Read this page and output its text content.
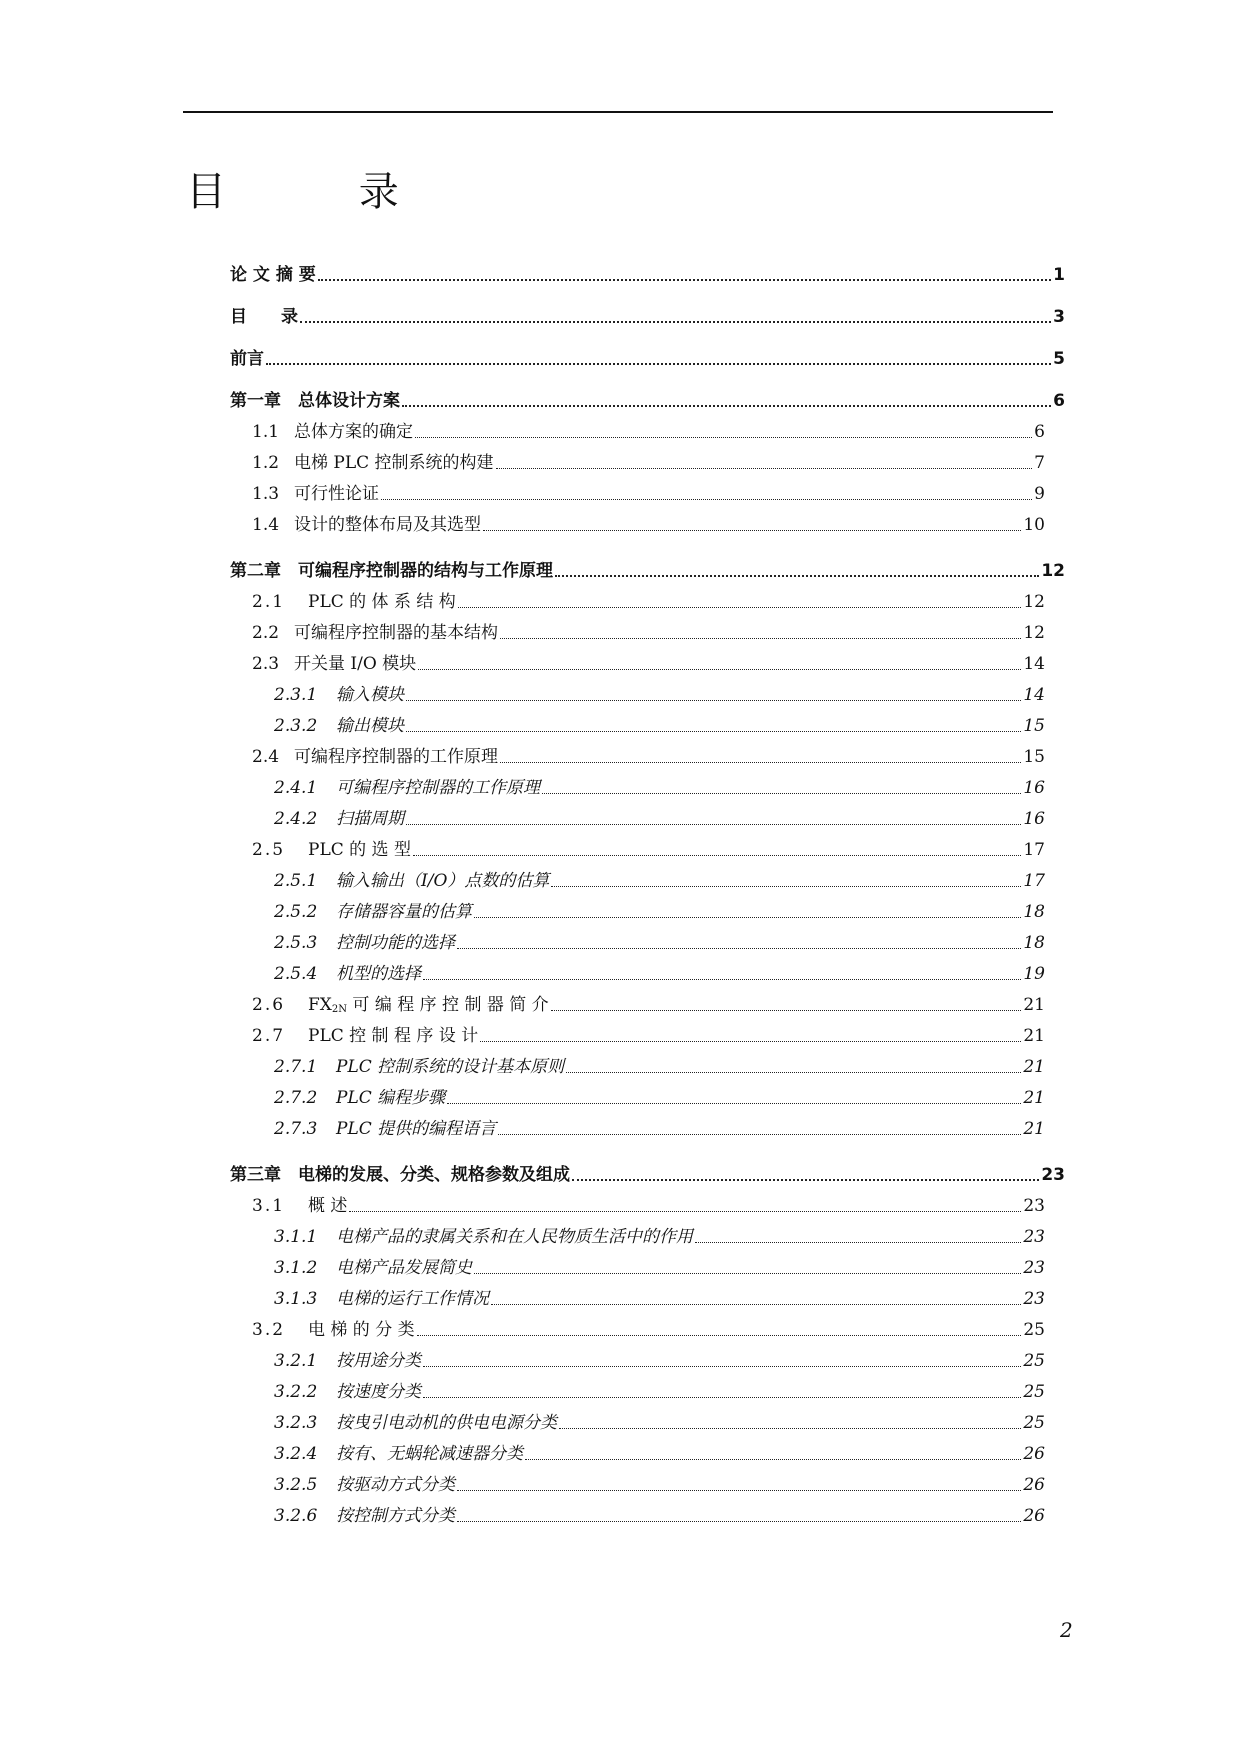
目 录
论 文 摘 要	1
目　　录	3
前言	5
第一章　总体设计方案	6
1.1 总体方案的确定	6
1.2 电梯 PLC 控制系统的构建	7
1.3 可行性论证	9
1.4 设计的整体布局及其选型	10
第二章　可编程序控制器的结构与工作原理	12
2.1	PLC 的 体 系 结 构	12
2.2 可编程序控制器的基本结构	12
2.3 开关量 I/O 模块	14
2.3.1	输入模块	14
2.3.2	输出模块	15
2.4 可编程序控制器的工作原理	15
2.4.1	可编程序控制器的工作原理	16
2.4.2	扫描周期	16
2.5	PLC 的 选 型	17
2.5.1	输入输出（I/O）点数的估算	17
2.5.2	存储器容量的估算	18
2.5.3	控制功能的选择	18
2.5.4	机型的选择	19
2.6	$FX_{2N}$ 可 编 程 序 控 制 器 简 介	21
2.7	PLC 控 制 程 序 设 计	21
2.7.1	PLC 控制系统的设计基本原则	21
2.7.2	PLC 编程步骤	21
2.7.3	PLC 提供的编程语言	21
第三章　电梯的发展、分类、规格参数及组成	23
3.1	概 述	23
3.1.1	电梯产品的隶属关系和在人民物质生活中的作用	23
3.1.2	电梯产品发展简史	23
3.1.3	电梯的运行工作情况	23
3.2	电 梯 的 分 类	25
3.2.1	按用途分类	25
3.2.2	按速度分类	25
3.2.3	按曳引电动机的供电电源分类	25
3.2.4	按有、无蜗轮减速器分类	26
3.2.5	按驱动方式分类	26
3.2.6	按控制方式分类	26
2
